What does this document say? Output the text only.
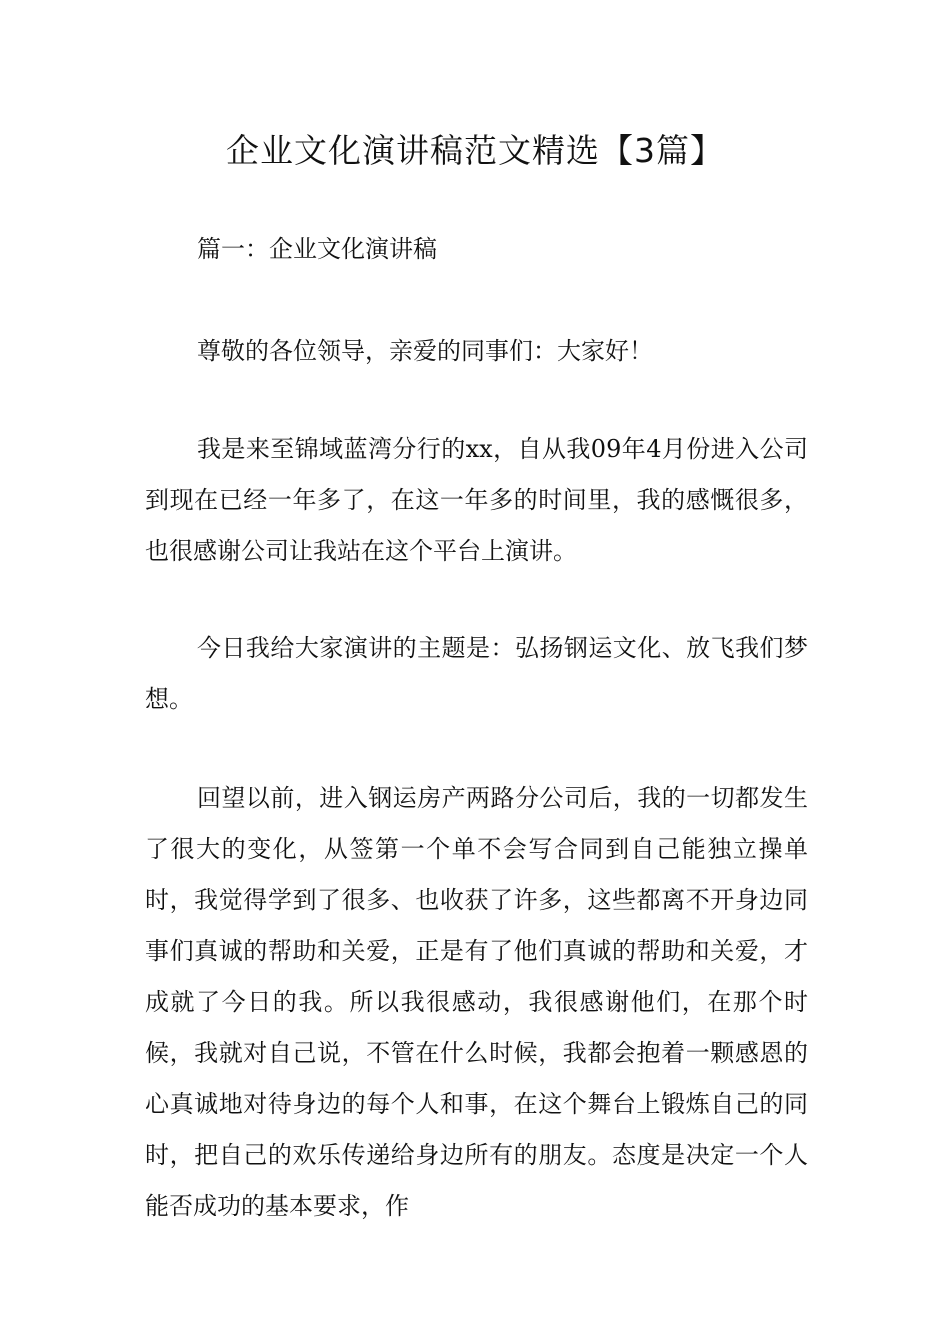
企业文化演讲稿范文精选【3篇】

篇一：企业文化演讲稿

尊敬的各位领导，亲爱的同事们：大家好！

我是来至锦域蓝湾分行的xx，自从我09年4月份进入公司到现在已经一年多了，在这一年多的时间里，我的感慨很多，也很感谢公司让我站在这个平台上演讲。

今日我给大家演讲的主题是：弘扬钢运文化、放飞我们梦想。

回望以前，进入钢运房产两路分公司后，我的一切都发生了很大的变化，从签第一个单不会写合同到自己能独立操单时，我觉得学到了很多、也收获了许多，这些都离不开身边同事们真诚的帮助和关爱，正是有了他们真诚的帮助和关爱，才成就了今日的我。所以我很感动，我很感谢他们，在那个时候，我就对自己说，不管在什么时候，我都会抱着一颗感恩的心真诚地对待身边的每个人和事，在这个舞台上锻炼自己的同时，把自己的欢乐传递给身边所有的朋友。态度是决定一个人能否成功的基本要求，作
